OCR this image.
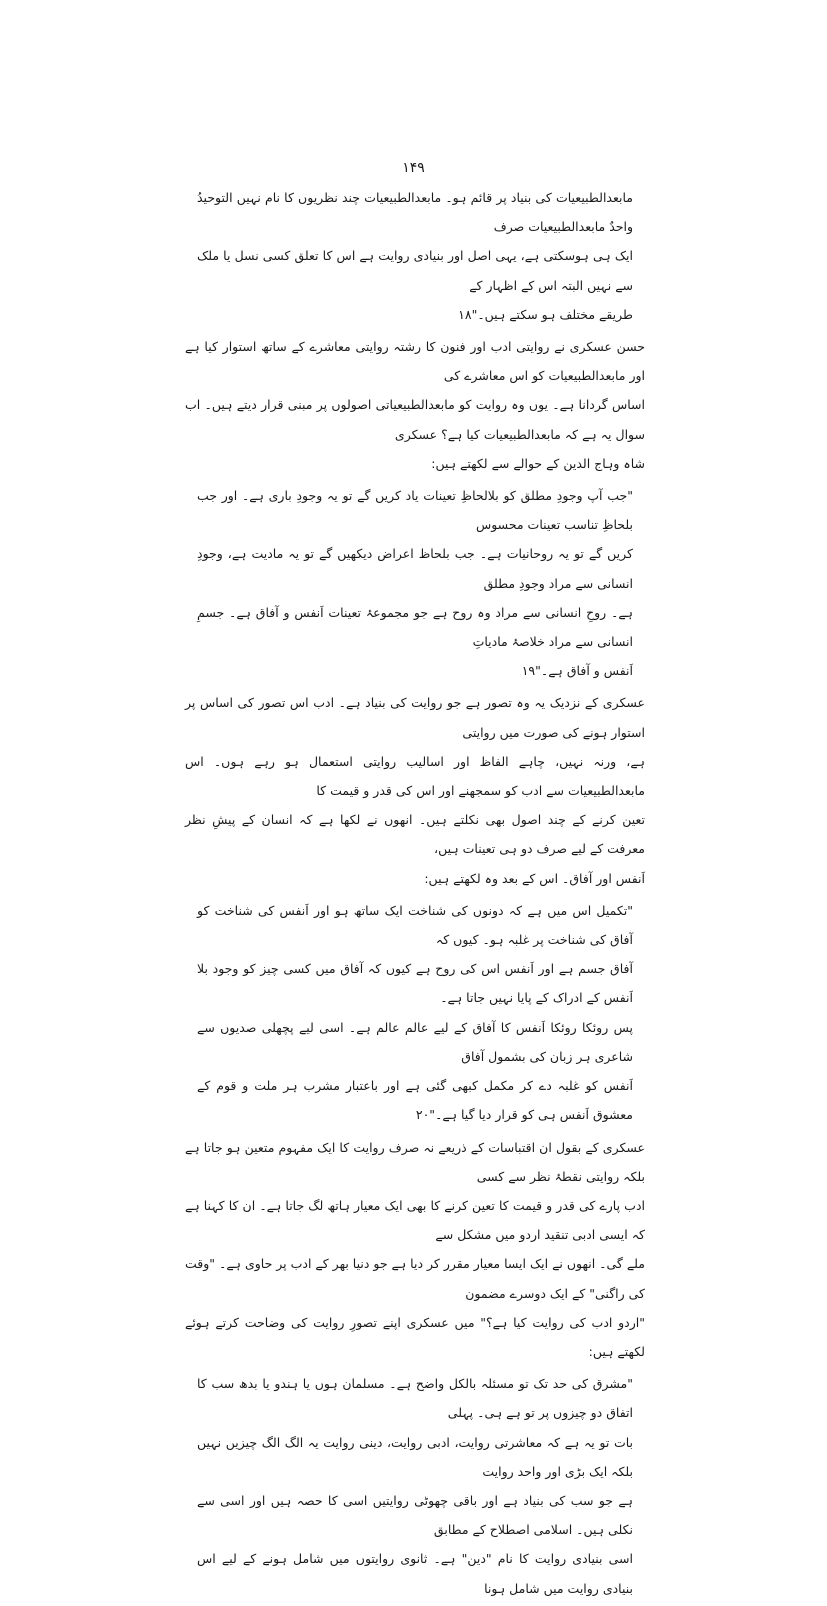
۱۴۹

مابعدالطبیعیات کی بنیاد پر قائم ہو۔ مابعدالطبیعیات چند نظریوں کا نام نہیں التوحیدُ واحدٌ مابعدالطبیعیات صرف

ایک ہی ہوسکتی ہے، یہی اصل اور بنیادی روایت ہے اس کا تعلق کسی نسل یا ملک سے نہیں البتہ اس کے اظہار کے

طریقے مختلف ہو سکتے ہیں۔"۱۸

حسن عسکری نے روایتی ادب اور فنون کا رشتہ روایتی معاشرے کے ساتھ استوار کیا ہے اور مابعدالطبیعیات کو اس معاشرے کی

اساس گردانا ہے۔ یوں وہ روایت کو مابعدالطبیعیاتی اصولوں پر مبنی قرار دیتے ہیں۔ اب سوال یہ ہے کہ مابعدالطبیعیات کیا ہے؟ عسکری

شاہ وہاج الدین کے حوالے سے لکھتے ہیں:

"جب آپ وجودِ مطلق کو بلالحاظِ تعینات یاد کریں گے تو یہ وجودِ باری ہے۔ اور جب بلحاظِ تناسب تعینات محسوس

کریں گے تو یہ روحانیات ہے۔ جب بلحاظ اعراض دیکھیں گے تو یہ مادیت ہے، وجودِ انسانی سے مراد وجودِ مطلق

ہے۔ روحِ انسانی سے مراد وہ روح ہے جو مجموعۂ تعینات اَنفس و آفاق ہے۔ جسمِ انسانی سے مراد خلاصۂ مادیاتِ

اَنفس و آفاق ہے۔"۱۹

عسکری کے نزدیک یہ وہ تصور ہے جو روایت کی بنیاد ہے۔ ادب اس تصور کی اساس پر استوار ہونے کی صورت میں روایتی

ہے، ورنہ نہیں، چاہے الفاظ اور اسالیب روایتی استعمال ہو رہے ہوں۔ اس مابعدالطبیعیات سے ادب کو سمجھنے اور اس کی قدر و قیمت کا

تعین کرنے کے چند اصول بھی نکلتے ہیں۔ انھوں نے لکھا ہے کہ انسان کے پیشِ نظر معرفت کے لیے صرف دو ہی تعینات ہیں،

اَنفس اور آفاق۔ اس کے بعد وہ لکھتے ہیں:

"تکمیل اس میں ہے کہ دونوں کی شناخت ایک ساتھ ہو اور اَنفس کی شناخت کو آفاق کی شناخت پر غلبہ ہو۔ کیوں کہ

آفاق جسم ہے اور اَنفس اس کی روح ہے کیوں کہ آفاق میں کسی چیز کو وجود بلا اَنفس کے ادراک کے پایا نہیں جاتا ہے۔

پس روئکا روئکا اَنفس کا آفاق کے لیے عالم عالم ہے۔ اسی لیے پچھلی صدیوں سے شاعری ہر زبان کی بشمول آفاق

اَنفس کو غلبہ دے کر مکمل کبھی گئی ہے اور باعتبار مشرب ہر ملت و قوم کے معشوق اَنفس ہی کو قرار دیا گیا ہے۔"۲۰

عسکری کے بقول ان اقتباسات کے ذریعے نہ صرف روایت کا ایک مفہوم متعین ہو جاتا ہے بلکہ روایتی نقطۂ نظر سے کسی

ادب پارے کی قدر و قیمت کا تعین کرنے کا بھی ایک معیار ہاتھ لگ جاتا ہے۔ ان کا کہنا ہے کہ ایسی ادبی تنقید اردو میں مشکل سے

ملے گی۔ انھوں نے ایک ایسا معیار مقرر کر دیا ہے جو دنیا بھر کے ادب پر حاوی ہے۔ "وقت کی راگنی" کے ایک دوسرے مضمون

"اردو ادب کی روایت کیا ہے؟" میں عسکری اپنے تصورِ روایت کی وضاحت کرتے ہوئے لکھتے ہیں:

"مشرق کی حد تک تو مسئلہ بالکل واضح ہے۔ مسلمان ہوں یا ہندو یا بدھ سب کا اتفاق دو چیزوں پر تو ہے ہی۔ پہلی

بات تو یہ ہے کہ معاشرتی روایت، ادبی روایت، دینی روایت یہ الگ الگ چیزیں نہیں بلکہ ایک بڑی اور واحد روایت

ہے جو سب کی بنیاد ہے اور باقی چھوٹی روایتیں اسی کا حصہ ہیں اور اسی سے نکلی ہیں۔ اسلامی اصطلاح کے مطابق

اسی بنیادی روایت کا نام "دین" ہے۔ ثانوی روایتوں میں شامل ہونے کے لیے اس بنیادی روایت میں شامل ہونا
